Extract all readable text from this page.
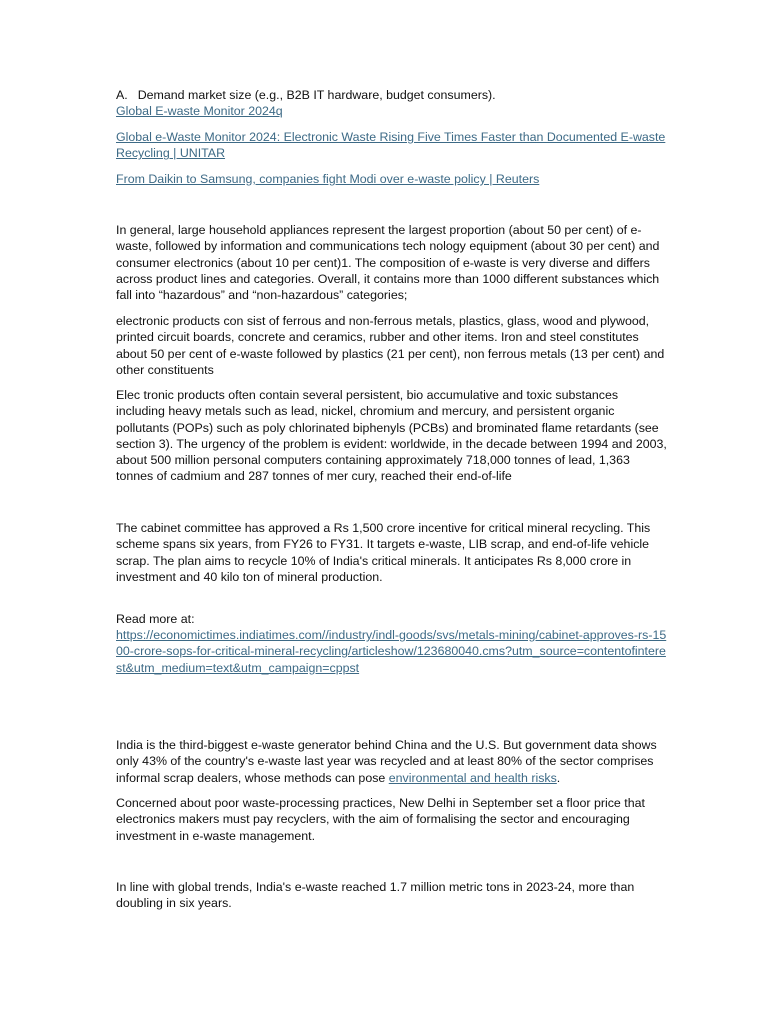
A. Demand market size (e.g., B2B IT hardware, budget consumers).
Global E-waste Monitor 2024q
Global e-Waste Monitor 2024: Electronic Waste Rising Five Times Faster than Documented E-waste Recycling | UNITAR
From Daikin to Samsung, companies fight Modi over e-waste policy | Reuters

In general, large household appliances represent the largest proportion (about 50 per cent) of e-waste, followed by information and communications tech nology equipment (about 30 per cent) and consumer electronics (about 10 per cent)1. The composition of e-waste is very diverse and differs across product lines and categories. Overall, it contains more than 1000 different substances which fall into “hazardous” and “non-hazardous” categories;

electronic products con sist of ferrous and non-ferrous metals, plastics, glass, wood and plywood, printed circuit boards, concrete and ceramics, rubber and other items. Iron and steel constitutes about 50 per cent of e-waste followed by plastics (21 per cent), non ferrous metals (13 per cent) and other constituents

Elec tronic products often contain several persistent, bio accumulative and toxic substances including heavy metals such as lead, nickel, chromium and mercury, and persistent organic pollutants (POPs) such as poly chlorinated biphenyls (PCBs) and brominated flame retardants (see section 3). The urgency of the problem is evident: worldwide, in the decade between 1994 and 2003, about 500 million personal computers containing approximately 718,000 tonnes of lead, 1,363 tonnes of cadmium and 287 tonnes of mer cury, reached their end-of-life

The cabinet committee has approved a Rs 1,500 crore incentive for critical mineral recycling. This scheme spans six years, from FY26 to FY31. It targets e-waste, LIB scrap, and end-of-life vehicle scrap. The plan aims to recycle 10% of India's critical minerals. It anticipates Rs 8,000 crore in investment and 40 kilo ton of mineral production.

Read more at:

https://economictimes.indiatimes.com//industry/indl-goods/svs/metals-mining/cabinet-approves-rs-1500-crore-sops-for-critical-mineral-recycling/articleshow/123680040.cms?utm_source=contentofinterest&utm_medium=text&utm_campaign=cppst

India is the third-biggest e-waste generator behind China and the U.S. But government data shows only 43% of the country's e-waste last year was recycled and at least 80% of the sector comprises informal scrap dealers, whose methods can pose environmental and health risks.

Concerned about poor waste-processing practices, New Delhi in September set a floor price that electronics makers must pay recyclers, with the aim of formalising the sector and encouraging investment in e-waste management.

In line with global trends, India's e-waste reached 1.7 million metric tons in 2023-24, more than doubling in six years.
